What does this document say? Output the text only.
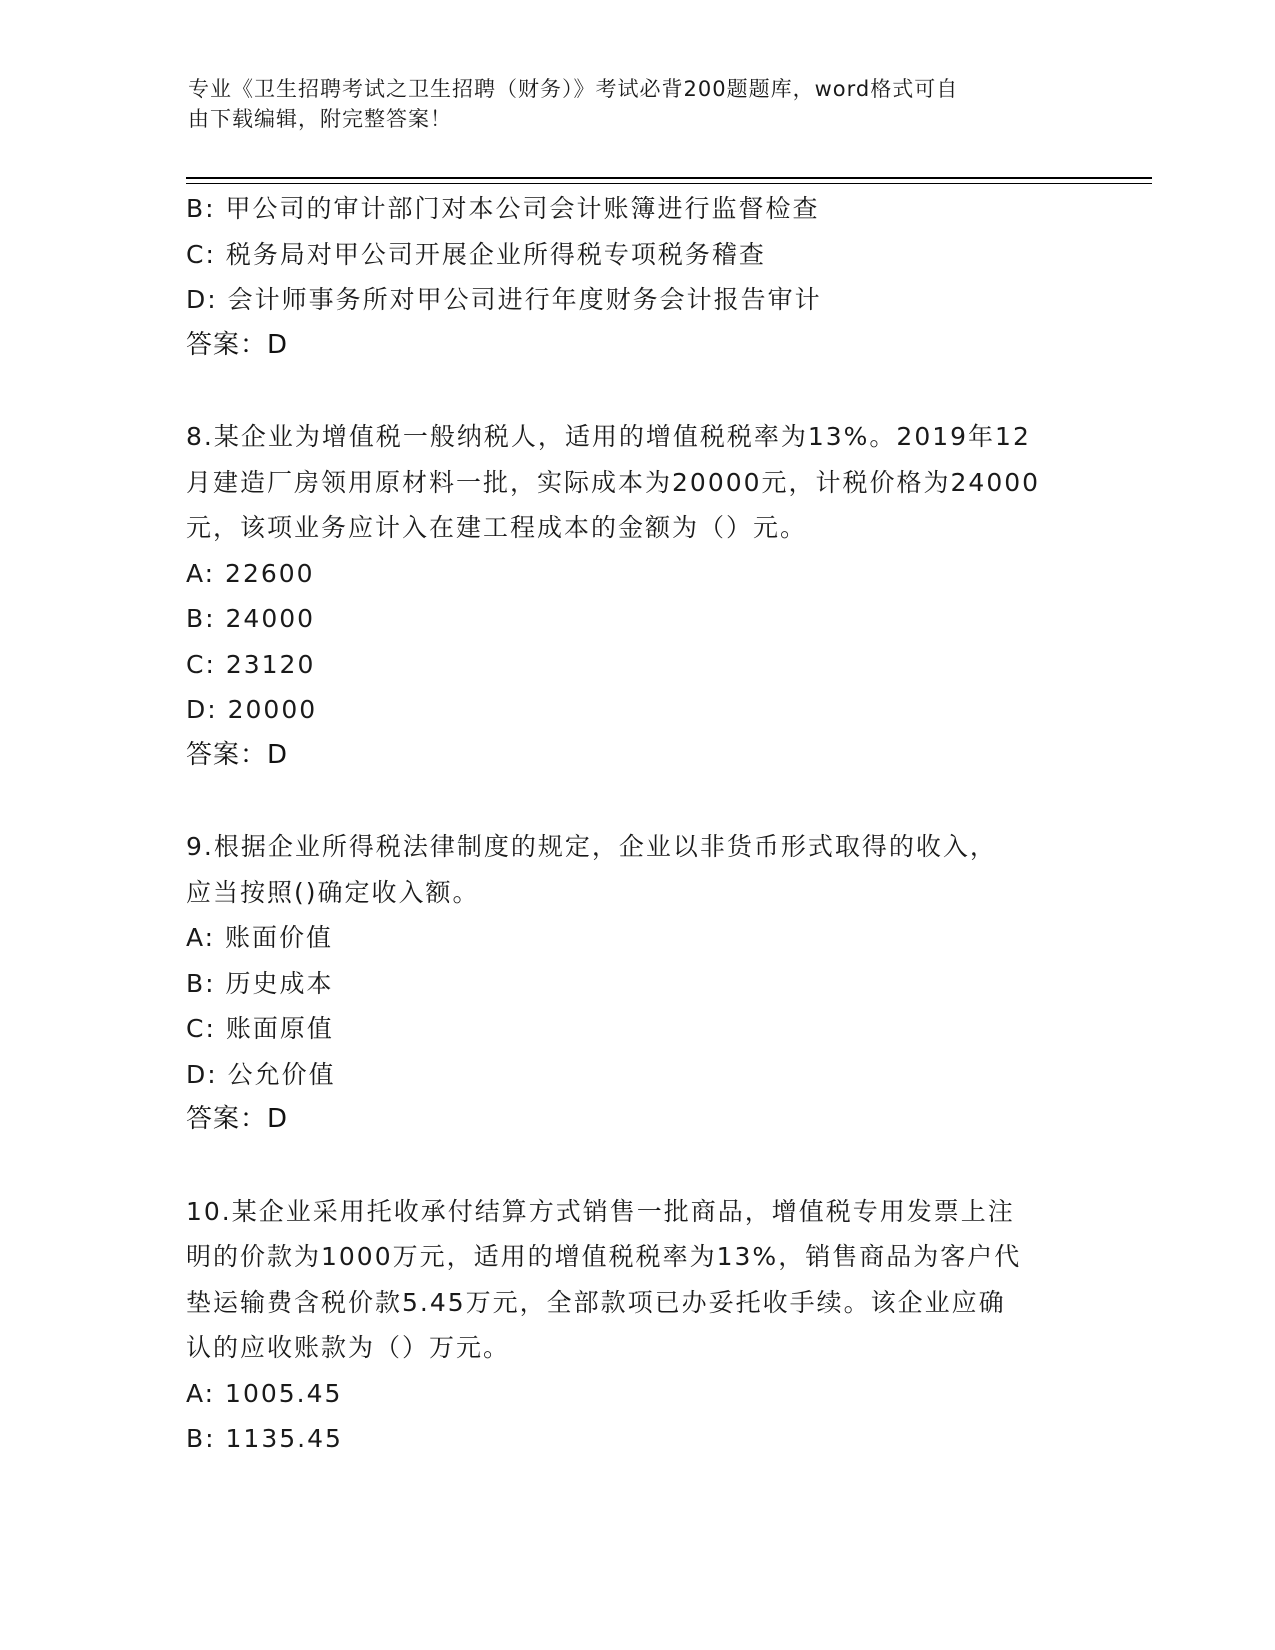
专业《卫生招聘考试之卫生招聘（财务）》考试必背200题题库，word格式可自
由下载编辑，附完整答案！
B: 甲公司的审计部门对本公司会计账簿进行监督检查
C: 税务局对甲公司开展企业所得税专项税务稽查
D: 会计师事务所对甲公司进行年度财务会计报告审计
答案：D
8.某企业为增值税一般纳税人，适用的增值税税率为13%。2019年12
月建造厂房领用原材料一批，实际成本为20000元，计税价格为24000
元，该项业务应计入在建工程成本的金额为（）元。
A: 22600
B: 24000
C: 23120
D: 20000
答案：D
9.根据企业所得税法律制度的规定，企业以非货币形式取得的收入，
应当按照()确定收入额。
A: 账面价值
B: 历史成本
C: 账面原值
D: 公允价值
答案：D
10.某企业采用托收承付结算方式销售一批商品，增值税专用发票上注
明的价款为1000万元，适用的增值税税率为13%，销售商品为客户代
垫运输费含税价款5.45万元，全部款项已办妥托收手续。该企业应确
认的应收账款为（）万元。
A: 1005.45
B: 1135.45
